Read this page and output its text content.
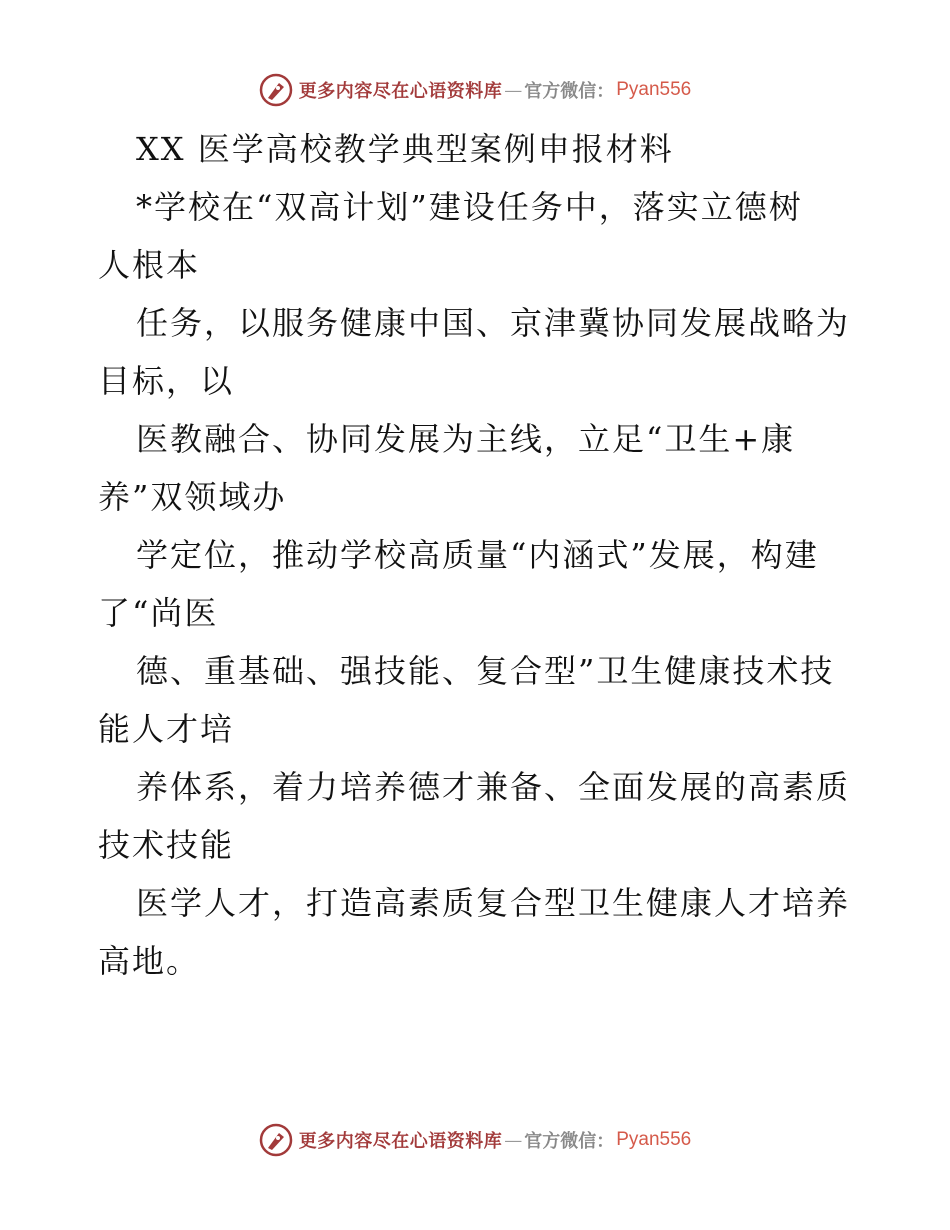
更多内容尽在心语资料库 — 官方微信： Pyan556
XX 医学高校教学典型案例申报材料
*学校在“双高计划”建设任务中，落实立德树
人根本
任务，以服务健康中国、京津冀协同发展战略为
目标，以
医教融合、协同发展为主线，立足“卫生+康
养”双领域办
学定位，推动学校高质量“内涵式”发展，构建
了“尚医
德、重基础、强技能、复合型”卫生健康技术技
能人才培
养体系，着力培养德才兼备、全面发展的高素质
技术技能
医学人才，打造高素质复合型卫生健康人才培养
高地。
更多内容尽在心语资料库 — 官方微信： Pyan556
